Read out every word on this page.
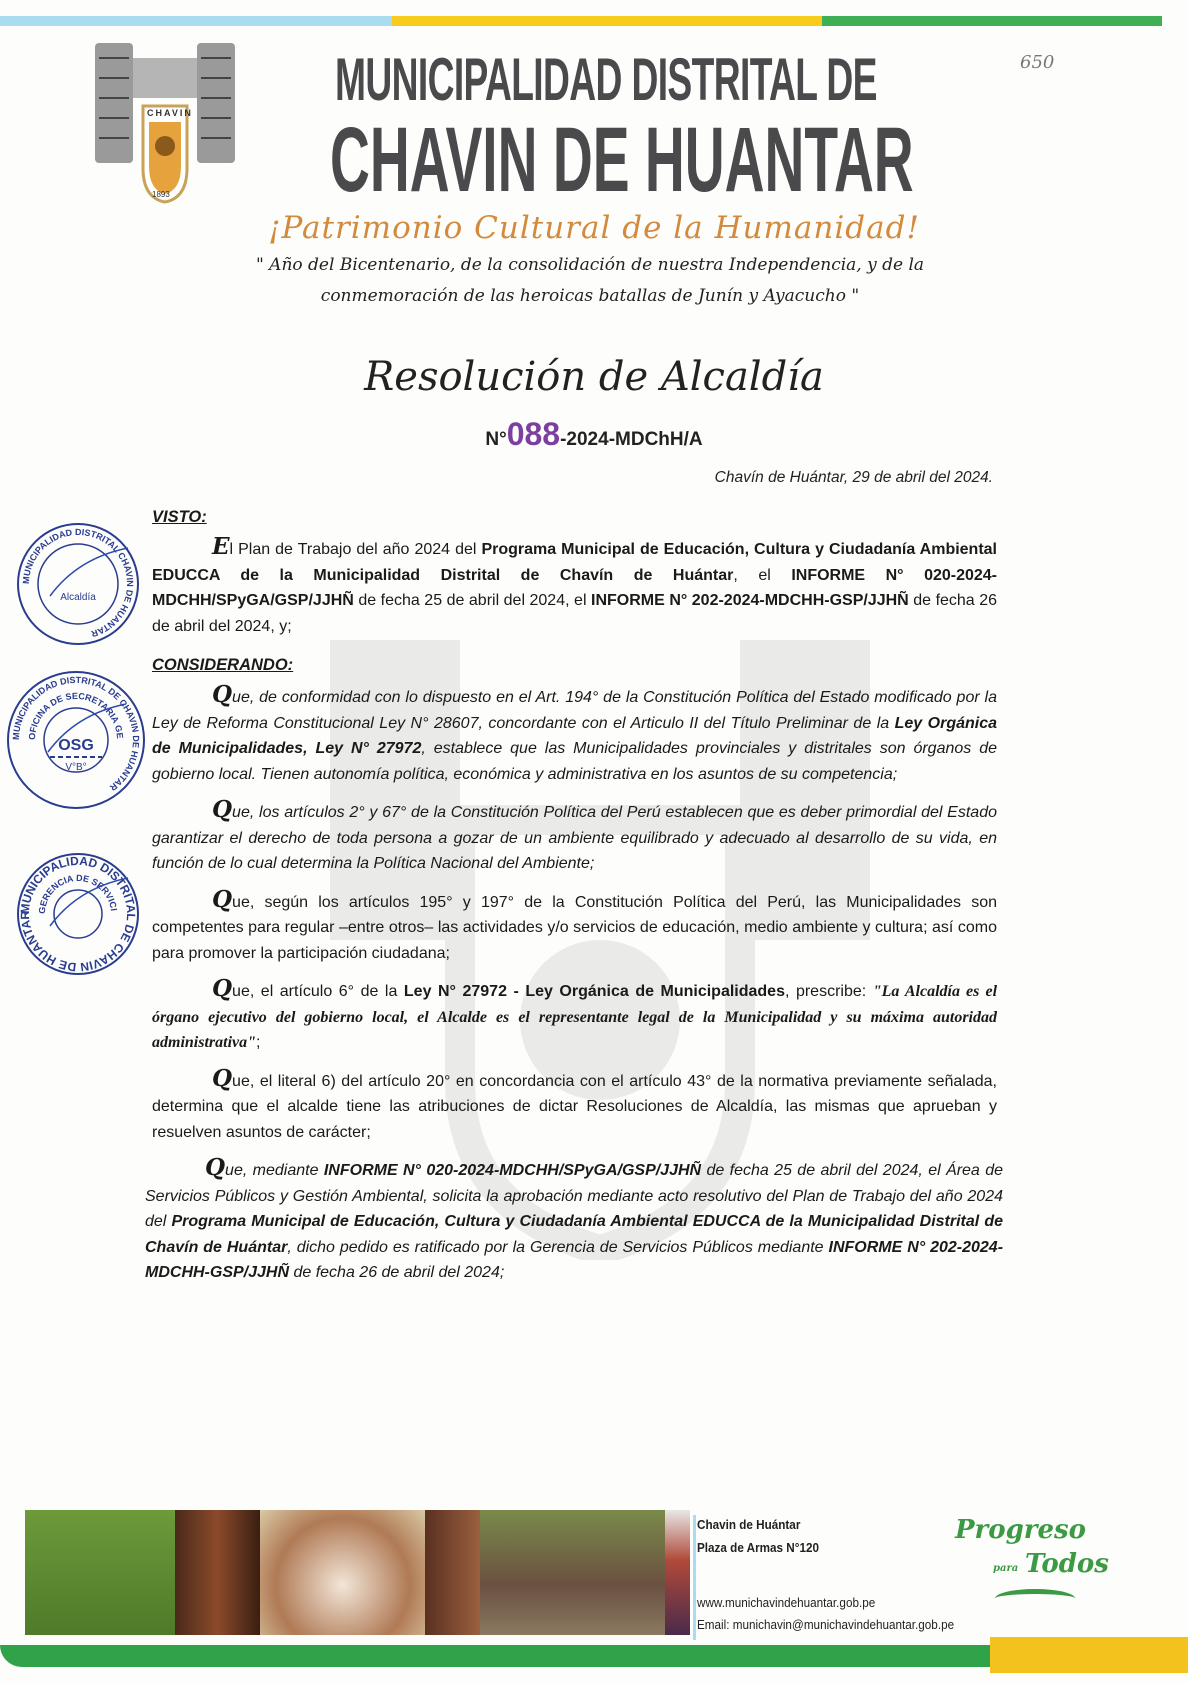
CHAVIN
1893
MUNICIPALIDAD DISTRITAL DE
CHAVIN DE HUANTAR
650
¡Patrimonio Cultural de la Humanidad!
" Año del Bicentenario, de la consolidación de nuestra Independencia, y de la
conmemoración de las heroicas batallas de Junín y Ayacucho "
Resolución de Alcaldía
N°088-2024-MDChH/A
Chavín de Huántar, 29 de abril del 2024.
VISTO:
El Plan de Trabajo del año 2024 del Programa Municipal de Educación, Cultura y Ciudadanía Ambiental EDUCCA de la Municipalidad Distrital de Chavín de Huántar, el INFORME N° 020-2024-MDCHH/SPyGA/GSP/JJHÑ de fecha 25 de abril del 2024, el INFORME N° 202-2024-MDCHH-GSP/JJHÑ de fecha 26 de abril del 2024, y;
CONSIDERANDO:
Que, de conformidad con lo dispuesto en el Art. 194° de la Constitución Política del Estado modificado por la Ley de Reforma Constitucional Ley N° 28607, concordante con el Articulo II del Título Preliminar de la Ley Orgánica de Municipalidades, Ley N° 27972, establece que las Municipalidades provinciales y distritales son órganos de gobierno local. Tienen autonomía política, económica y administrativa en los asuntos de su competencia;
Que, los artículos 2° y 67° de la Constitución Política del Perú establecen que es deber primordial del Estado garantizar el derecho de toda persona a gozar de un ambiente equilibrado y adecuado al desarrollo de su vida, en función de lo cual determina la Política Nacional del Ambiente;
Que, según los artículos 195° y 197° de la Constitución Política del Perú, las Municipalidades son competentes para regular –entre otros– las actividades y/o servicios de educación, medio ambiente y cultura; así como para promover la participación ciudadana;
Que, el artículo 6° de la Ley N° 27972 - Ley Orgánica de Municipalidades, prescribe: "La Alcaldía es el órgano ejecutivo del gobierno local, el Alcalde es el representante legal de la Municipalidad y su máxima autoridad administrativa";
Que, el literal 6) del artículo 20° en concordancia con el artículo 43° de la normativa previamente señalada, determina que el alcalde tiene las atribuciones de dictar Resoluciones de Alcaldía, las mismas que aprueban y resuelven asuntos de carácter;
Que, mediante INFORME N° 020-2024-MDCHH/SPyGA/GSP/JJHÑ de fecha 25 de abril del 2024, el Área de Servicios Públicos y Gestión Ambiental, solicita la aprobación mediante acto resolutivo del Plan de Trabajo del año 2024 del Programa Municipal de Educación, Cultura y Ciudadanía Ambiental EDUCCA de la Municipalidad Distrital de Chavín de Huántar, dicho pedido es ratificado por la Gerencia de Servicios Públicos mediante INFORME N° 202-2024-MDCHH-GSP/JJHÑ de fecha 26 de abril del 2024;
MUNICIPALIDAD DISTRITAL CHAVIN DE HUANTAR
Alcaldía
MUNICIPALIDAD DISTRITAL DE CHAVIN DE HUANTAR
OFICINA DE SECRETARIA GE
OSG
V°B°
MUNICIPALIDAD DISTRITAL DE CHAVIN DE HUANTAR
GERENCIA DE SERVICI
Chavin de Huántar
Plaza de Armas N°120
www.munichavindehuantar.gob.pe
Email: munichavin@munichavindehuantar.gob.pe
Progreso
para Todos
